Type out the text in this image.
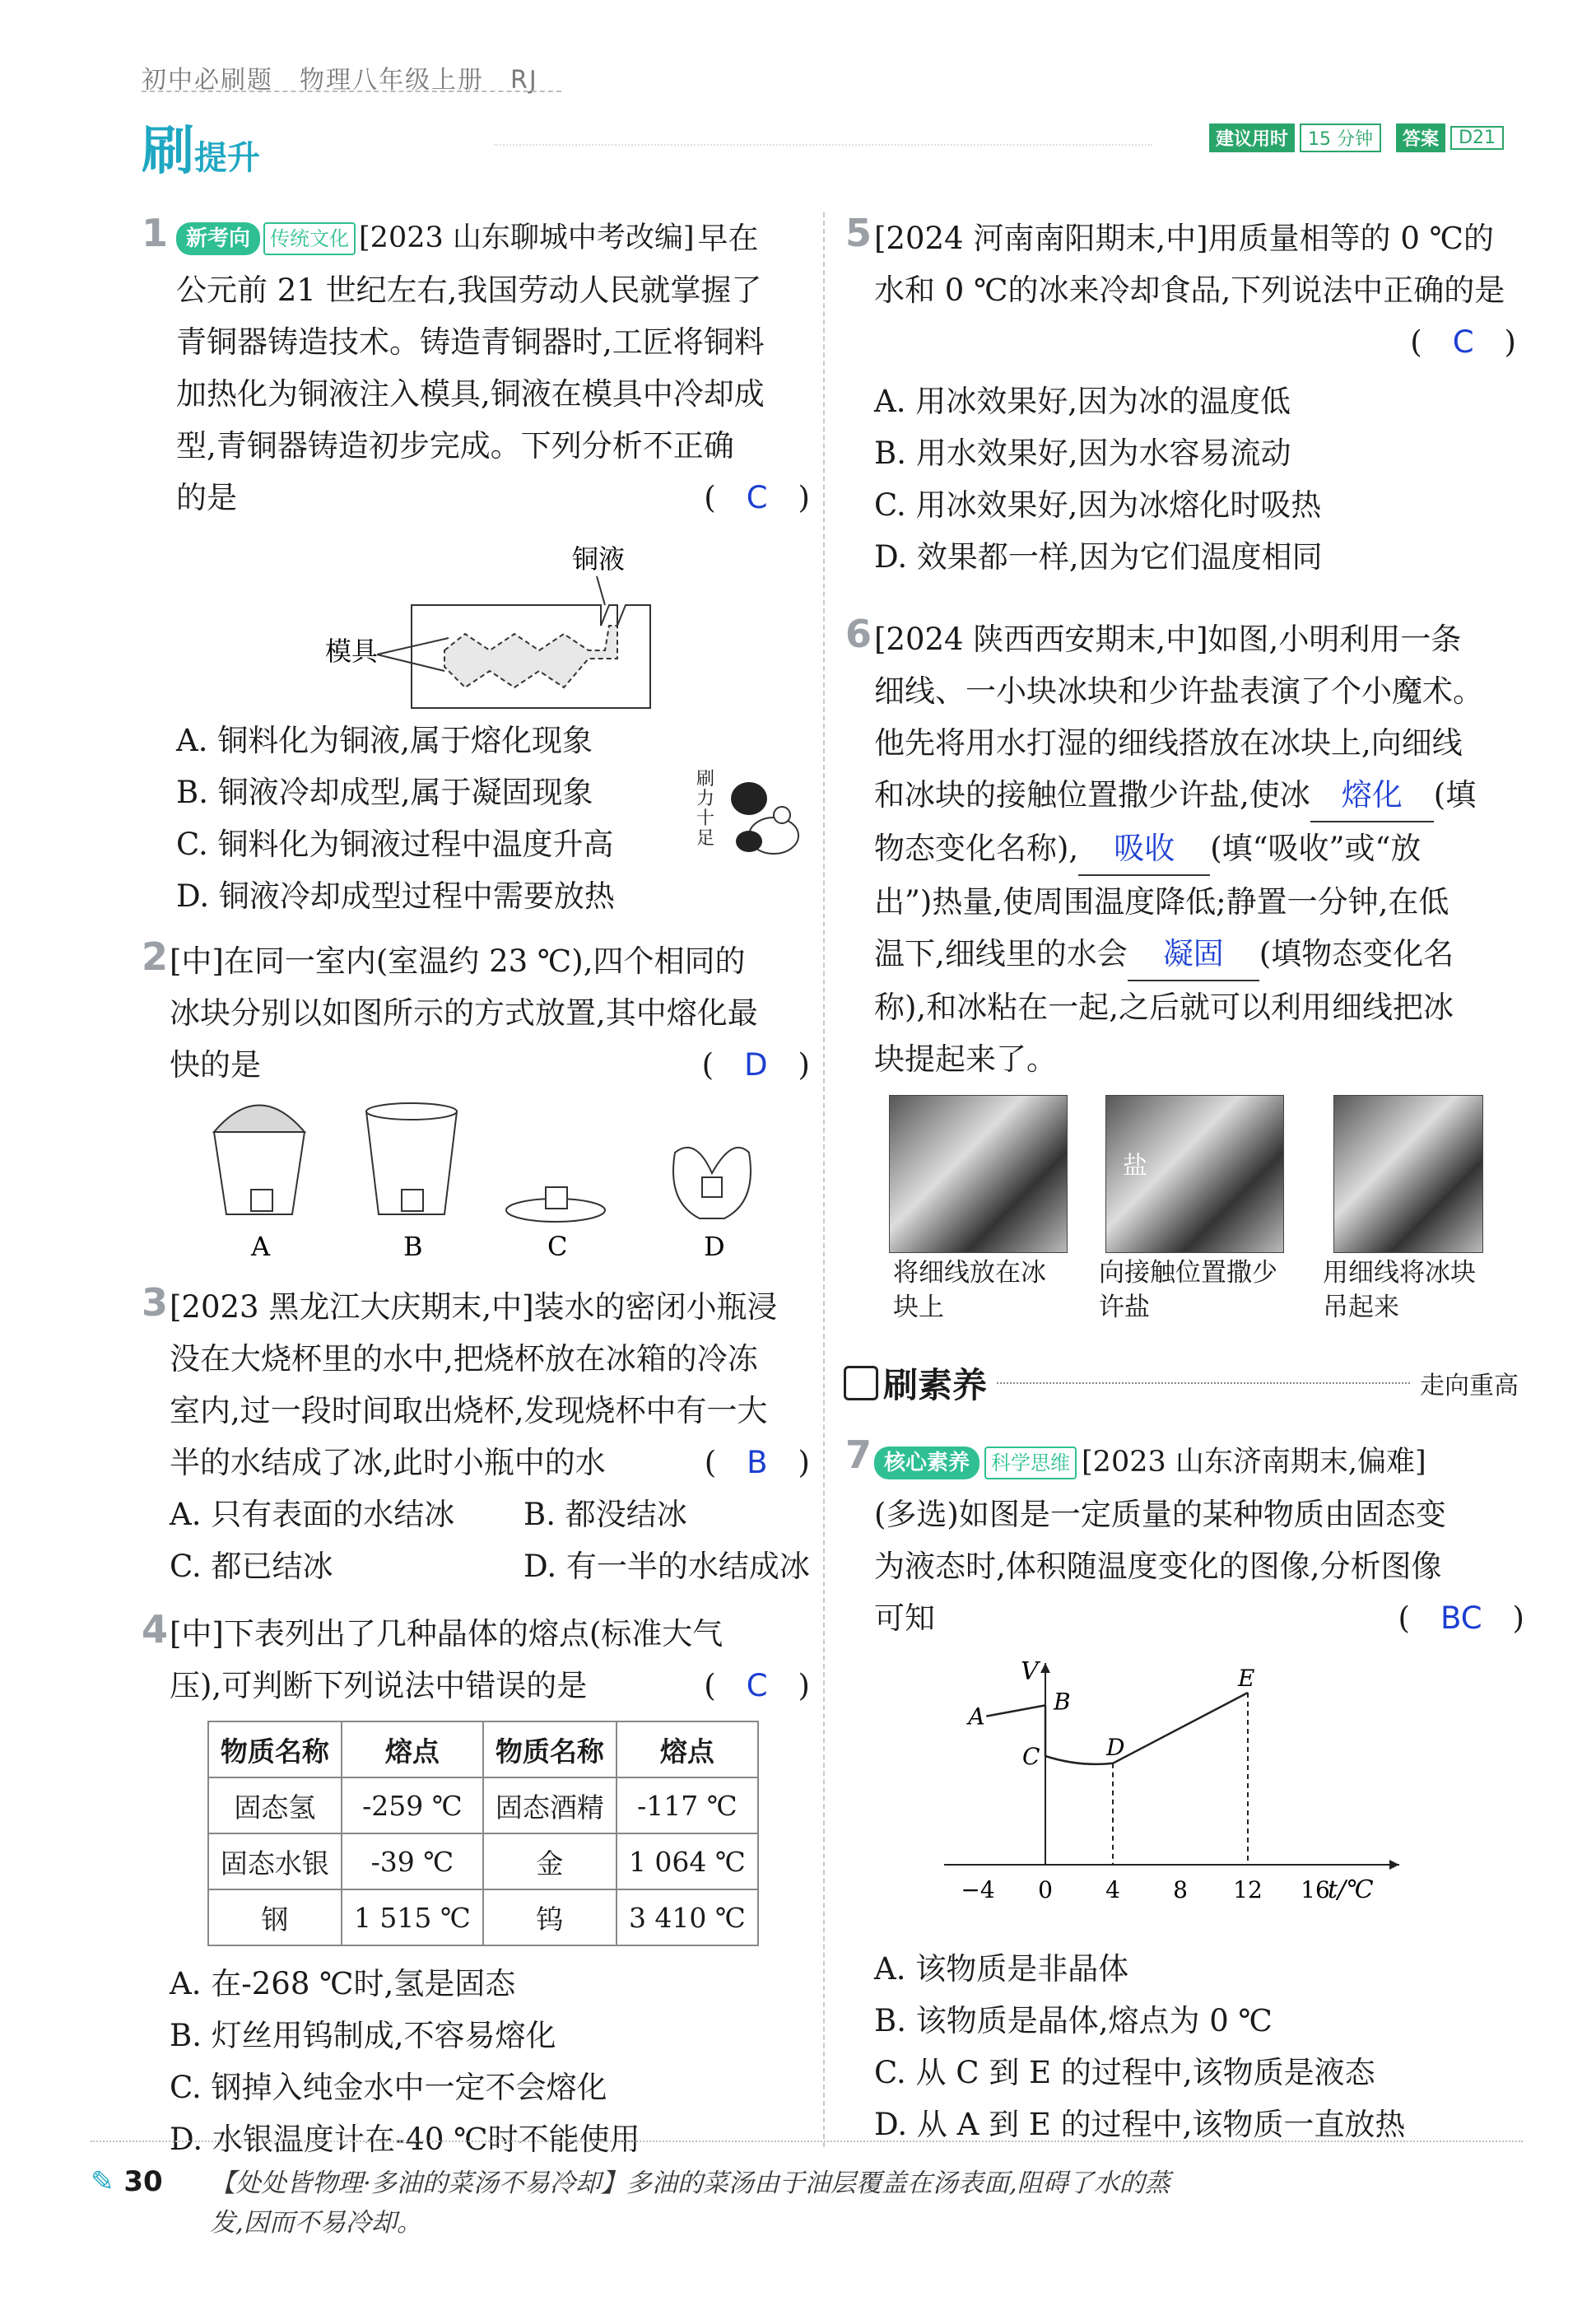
初中必刷题　物理八年级上册　RJ
刷提升	建议用时	15 分钟	答案	D21
1 新考向	传统文化 [2023 山东聊城中考改编] 早在
公元前 21 世纪左右,我国劳动人民就掌握了
青铜器铸造技术。铸造青铜器时,工匠将铜料
加热化为铜液注入模具,铜液在模具中冷却成
型,青铜器铸造初步完成。下列分析不正确
的是	(　C　)
铜液
模具
A. 铜料化为铜液,属于熔化现象
B. 铜液冷却成型,属于凝固现象
C. 铜料化为铜液过程中温度升高
D. 铜液冷却成型过程中需要放热
刷力十足
2 [中]在同一室内(室温约 23 ℃),四个相同的
冰块分别以如图所示的方式放置,其中熔化最
快的是	(　D　)
A	B	C	D
3 [2023 黑龙江大庆期末,中]装水的密闭小瓶浸
没在大烧杯里的水中,把烧杯放在冰箱的冷冻
室内,过一段时间取出烧杯,发现烧杯中有一大
半的水结成了冰,此时小瓶中的水	(　B　)
A. 只有表面的水结冰	B. 都没结冰
C. 都已结冰	D. 有一半的水结成冰
4 [中]下表列出了几种晶体的熔点(标准大气
压),可判断下列说法中错误的是	(　C　)
物质名称	熔点	物质名称	熔点
固态氢	-259 ℃	固态酒精	-117 ℃
固态水银	-39 ℃	金	1 064 ℃
钢	1 515 ℃	钨	3 410 ℃
A. 在-268 ℃时,氢是固态
B. 灯丝用钨制成,不容易熔化
C. 钢掉入纯金水中一定不会熔化
D. 水银温度计在-40 ℃时不能使用
5 [2024 河南南阳期末,中]用质量相等的 0 ℃的
水和 0 ℃的冰来冷却食品,下列说法中正确的是
(　C　)
A. 用冰效果好,因为冰的温度低
B. 用水效果好,因为水容易流动
C. 用冰效果好,因为冰熔化时吸热
D. 效果都一样,因为它们温度相同
6 [2024 陕西西安期末,中]如图,小明利用一条
细线、一小块冰块和少许盐表演了个小魔术。
他先将用水打湿的细线搭放在冰块上,向细线
和冰块的接触位置撒少许盐,使冰 熔化 (填
物态变化名称), 吸收 (填“吸收”或“放
出”)热量,使周围温度降低;静置一分钟,在低
温下,细线里的水会 凝固 (填物态变化名
称),和冰粘在一起,之后就可以利用细线把冰
块提起来了。
盐
将细线放在冰
块上
向接触位置撒少
许盐
用细线将冰块
吊起来
刷素养	走向重高
7 核心素养	科学思维 [2023 山东济南期末,偏难]
(多选)如图是一定质量的某种物质由固态变
为液态时,体积随温度变化的图像,分析图像
可知	(　BC　)
V
t/℃
−4 0 4 8 12 16
A
B
C	D
E
A. 该物质是非晶体
B. 该物质是晶体,熔点为 0 ℃
C. 从 C 到 E 的过程中,该物质是液态
D. 从 A 到 E 的过程中,该物质一直放热
✎ 30 【处处皆物理·多油的菜汤不易冷却】多油的菜汤由于油层覆盖在汤表面,阻碍了水的蒸
发,因而不易冷却。
